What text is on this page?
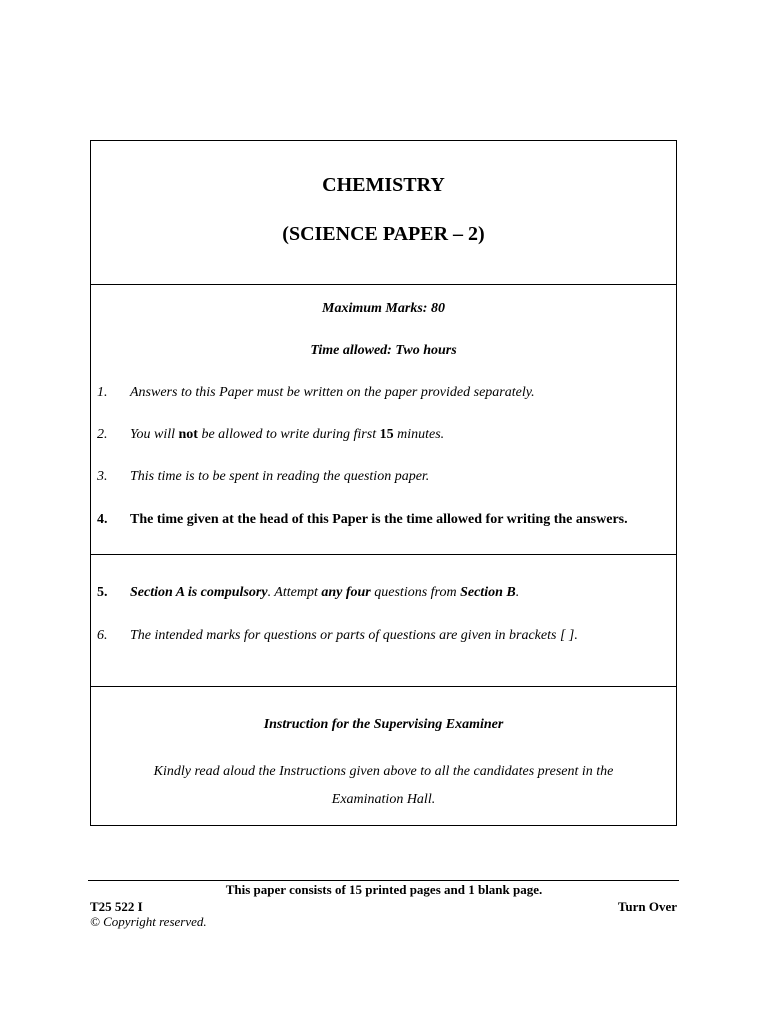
CHEMISTRY
(SCIENCE PAPER – 2)
Maximum Marks: 80
Time allowed: Two hours
1. Answers to this Paper must be written on the paper provided separately.
2. You will not be allowed to write during first 15 minutes.
3. This time is to be spent in reading the question paper.
4. The time given at the head of this Paper is the time allowed for writing the answers.
5. Section A is compulsory. Attempt any four questions from Section B.
6. The intended marks for questions or parts of questions are given in brackets [ ].
Instruction for the Supervising Examiner
Kindly read aloud the Instructions given above to all the candidates present in the Examination Hall.
This paper consists of 15 printed pages and 1 blank page.
T25 522 I	Turn Over
© Copyright reserved.
